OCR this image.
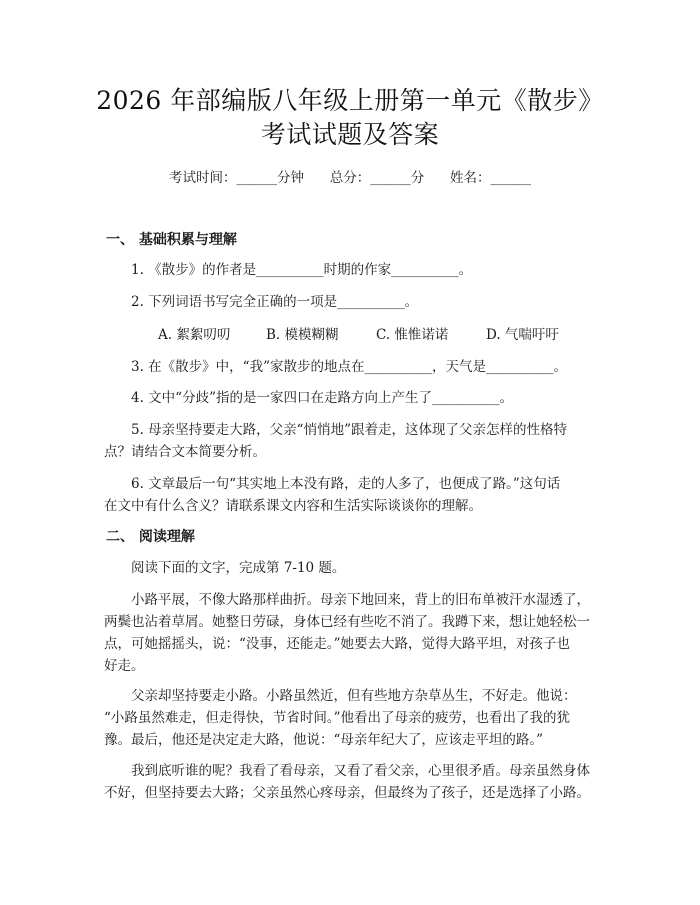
2026 年部编版八年级上册第一单元《散步》
考试试题及答案
考试时间：______分钟      总分：______分      姓名：______
一、 基础积累与理解
1. 《散步》的作者是__________时期的作家__________。
2. 下列词语书写完全正确的一项是__________。
A. 絮絮叨叨	B. 模模糊糊	C. 惟惟诺诺	D. 气喘吁吁
3. 在《散步》中，“我”家散步的地点在__________，天气是__________。
4. 文中“分歧”指的是一家四口在走路方向上产生了__________。
5. 母亲坚持要走大路，父亲“悄悄地”跟着走，这体现了父亲怎样的性格特
点？请结合文本简要分析。
6. 文章最后一句“其实地上本没有路，走的人多了，也便成了路。”这句话
在文中有什么含义？请联系课文内容和生活实际谈谈你的理解。
二、 阅读理解
阅读下面的文字，完成第 7-10 题。
小路平展，不像大路那样曲折。母亲下地回来，背上的旧布单被汗水湿透了，
两鬓也沾着草屑。她整日劳碌，身体已经有些吃不消了。我蹲下来，想让她轻松一
点，可她摇摇头，说：“没事，还能走。”她要去大路，觉得大路平坦，对孩子也
好走。
父亲却坚持要走小路。小路虽然近，但有些地方杂草丛生，不好走。他说：
“小路虽然难走，但走得快，节省时间。”他看出了母亲的疲劳，也看出了我的犹
豫。最后，他还是决定走大路，他说：“母亲年纪大了，应该走平坦的路。”
我到底听谁的呢？我看了看母亲，又看了看父亲，心里很矛盾。母亲虽然身体
不好，但坚持要去大路；父亲虽然心疼母亲，但最终为了孩子，还是选择了小路。
